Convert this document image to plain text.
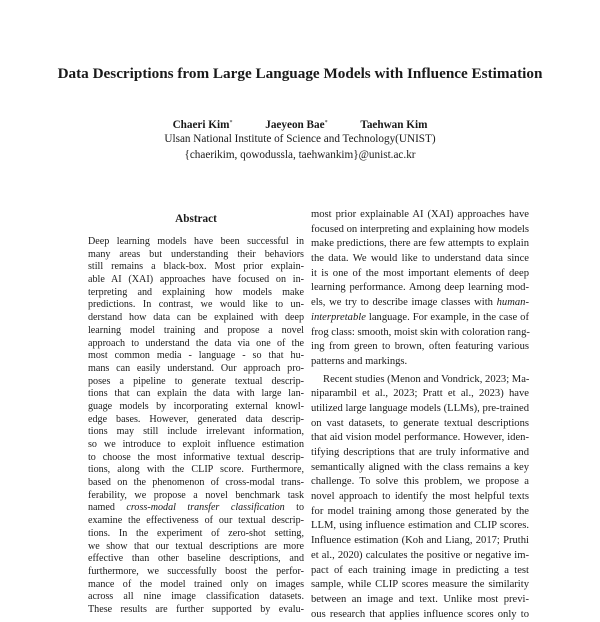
Data Descriptions from Large Language Models with Influence Estimation
Chaeri Kim*	Jaeyeon Bae*	Taehwan Kim
Ulsan National Institute of Science and Technology(UNIST)
{chaerikim, qowodussla, taehwankim}@unist.ac.kr
Abstract
Deep learning models have been successful in
many areas but understanding their behaviors
still remains a black-box. Most prior explain-
able AI (XAI) approaches have focused on in-
terpreting and explaining how models make
predictions. In contrast, we would like to un-
derstand how data can be explained with deep
learning model training and propose a novel
approach to understand the data via one of the
most common media - language - so that hu-
mans can easily understand. Our approach pro-
poses a pipeline to generate textual descrip-
tions that can explain the data with large lan-
guage models by incorporating external knowl-
edge bases. However, generated data descrip-
tions may still include irrelevant information,
so we introduce to exploit influence estimation
to choose the most informative textual descrip-
tions, along with the CLIP score. Furthermore,
based on the phenomenon of cross-modal trans-
ferability, we propose a novel benchmark task
named cross-modal transfer classification to
examine the effectiveness of our textual descrip-
tions. In the experiment of zero-shot setting,
we show that our textual descriptions are more
effective than other baseline descriptions, and
furthermore, we successfully boost the perfor-
mance of the model trained only on images
across all nine image classification datasets.
These results are further supported by evalu-
most prior explainable AI (XAI) approaches have
focused on interpreting and explaining how models
make predictions, there are few attempts to explain
the data. We would like to understand data since
it is one of the most important elements of deep
learning performance. Among deep learning mod-
els, we try to describe image classes with human-
interpretable language. For example, in the case of
frog class: smooth, moist skin with coloration rang-
ing from green to brown, often featuring various
patterns and markings.
Recent studies (Menon and Vondrick, 2023; Ma-
niparambil et al., 2023; Pratt et al., 2023) have
utilized large language models (LLMs), pre-trained
on vast datasets, to generate textual descriptions
that aid vision model performance. However, iden-
tifying descriptions that are truly informative and
semantically aligned with the class remains a key
challenge. To solve this problem, we propose a
novel approach to identify the most helpful texts
for model training among those generated by the
LLM, using influence estimation and CLIP scores.
Influence estimation (Koh and Liang, 2017; Pruthi
et al., 2020) calculates the positive or negative im-
pact of each training image in predicting a test
sample, while CLIP scores measure the similarity
between an image and text. Unlike most previ-
ous research that applies influence scores only to
